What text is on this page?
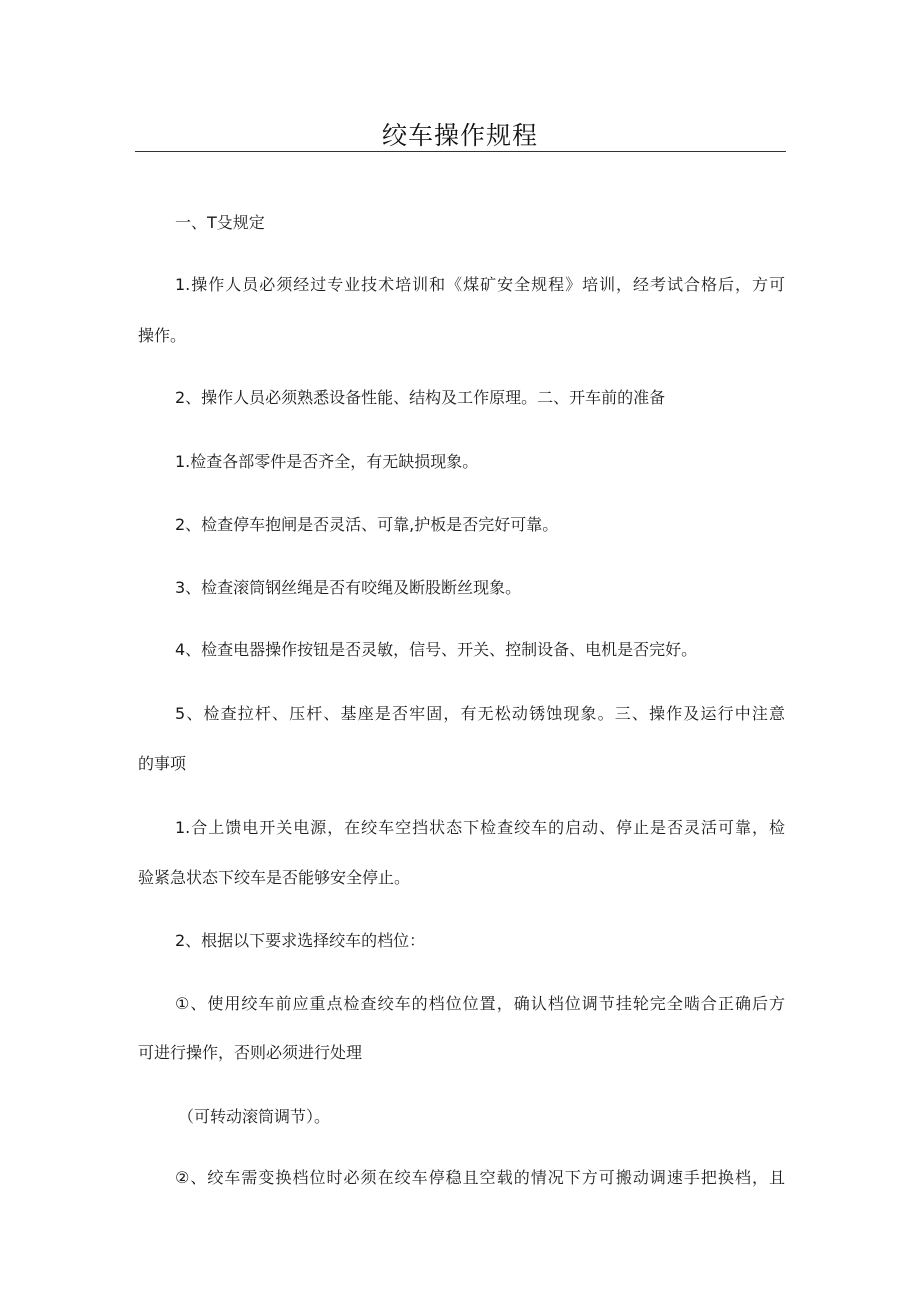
绞车操作规程

一、T殳规定

1.操作人员必须经过专业技术培训和《煤矿安全规程》培训，经考试合格后，方可

操作。

2、操作人员必须熟悉设备性能、结构及工作原理。二、开车前的准备

1.检查各部零件是否齐全，有无缺损现象。

2、检查停车抱闸是否灵活、可靠,护板是否完好可靠。

3、检查滚筒钢丝绳是否有咬绳及断股断丝现象。

4、检查电器操作按钮是否灵敏，信号、开关、控制设备、电机是否完好。

5、检查拉杆、压杆、基座是否牢固，有无松动锈蚀现象。三、操作及运行中注意

的事项

1.合上馈电开关电源，在绞车空挡状态下检查绞车的启动、停止是否灵活可靠，检

验紧急状态下绞车是否能够安全停止。

2、根据以下要求选择绞车的档位：

①、使用绞车前应重点检查绞车的档位位置，确认档位调节挂轮完全啮合正确后方

可进行操作，否则必须进行处理

（可转动滚筒调节）。

②、绞车需变换档位时必须在绞车停稳且空载的情况下方可搬动调速手把换档，且
